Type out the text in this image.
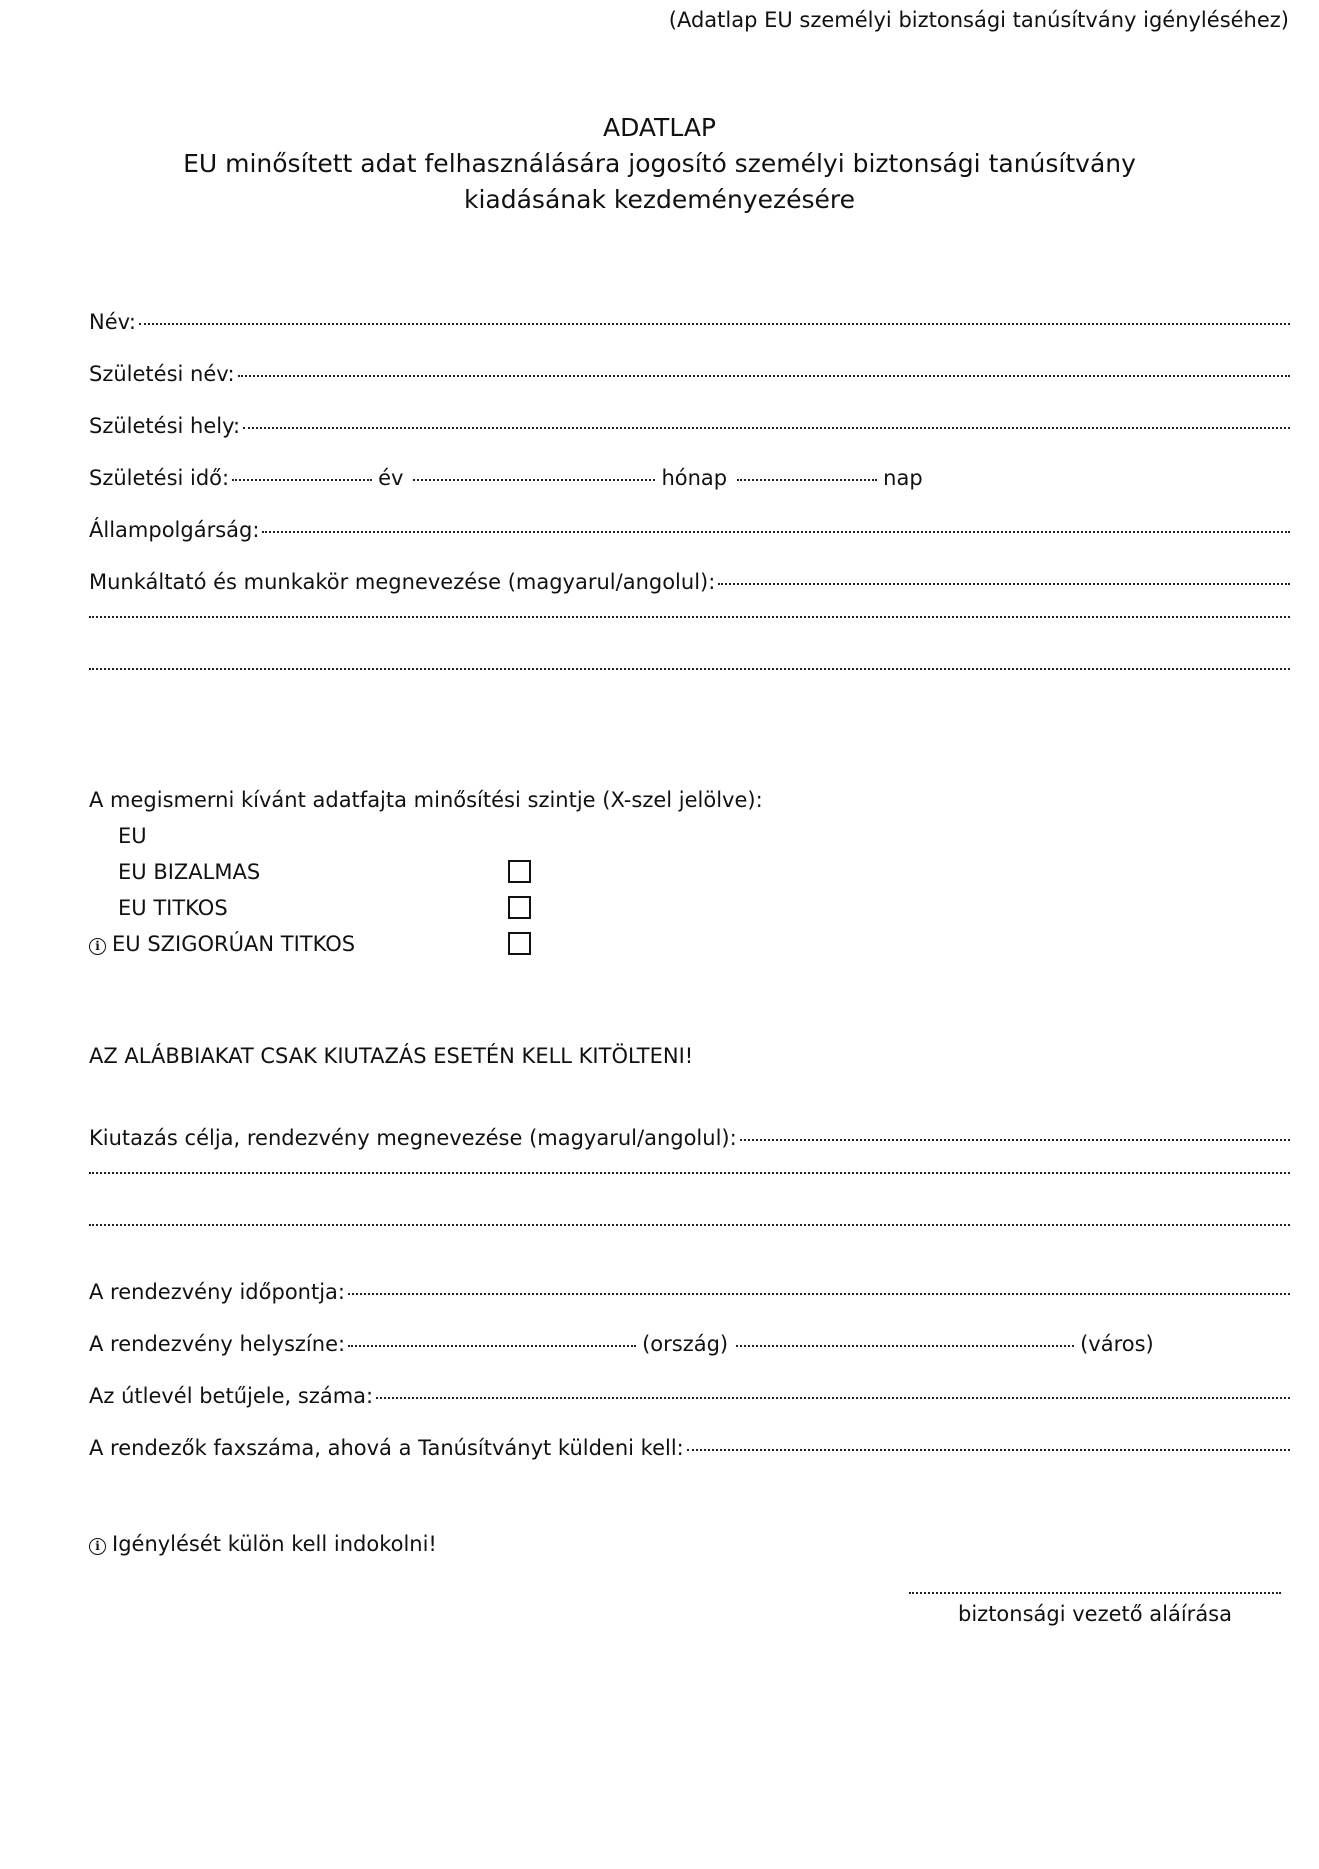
(Adatlap EU személyi biztonsági tanúsítvány igényléséhez)
ADATLAP
EU minősített adat felhasználására jogosító személyi biztonsági tanúsítvány
kiadásának kezdeményezésére
Név:
Születési név:
Születési hely:
Születési idő:	év	hónap	nap
Állampolgárság:
Munkáltató és munkakör megnevezése (magyarul/angolul):
A megismerni kívánt adatfajta minősítési szintje (X-szel jelölve):
EU
EU BIZALMAS
EU TITKOS
i EU SZIGORÚAN TITKOS
AZ ALÁBBIAKAT CSAK KIUTAZÁS ESETÉN KELL KITÖLTENI!
Kiutazás célja, rendezvény megnevezése (magyarul/angolul):
A rendezvény időpontja:
A rendezvény helyszíne:	(ország)	(város)
Az útlevél betűjele, száma:
A rendezők faxszáma, ahová a Tanúsítványt küldeni kell:
i Igénylését külön kell indokolni!
biztonsági vezető aláírása
